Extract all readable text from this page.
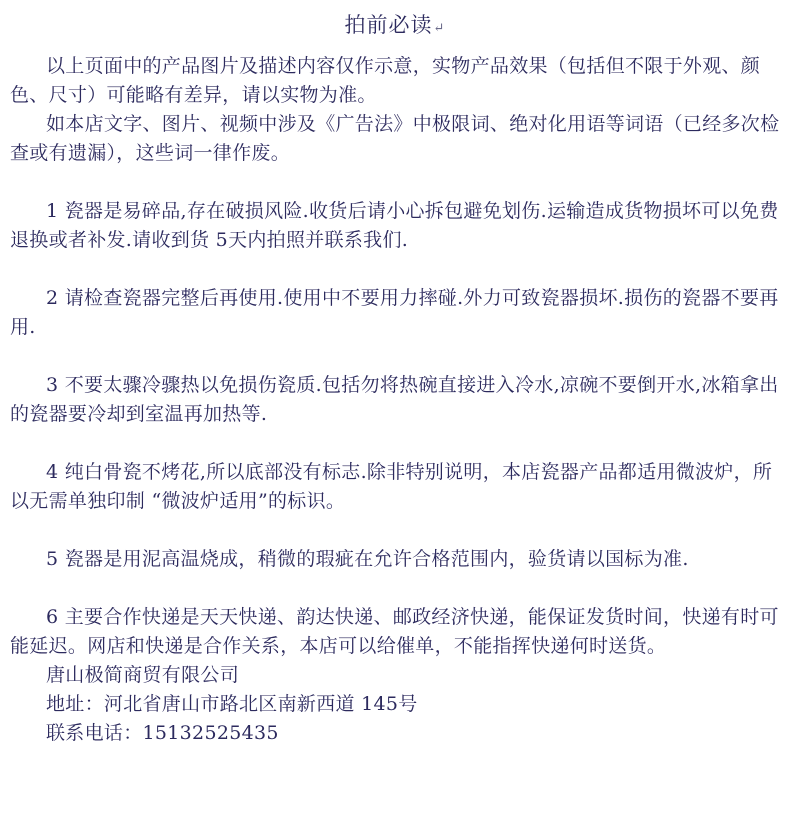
拍前必读↵

以上页面中的产品图片及描述内容仅作示意，实物产品效果（包括但不限于外观、颜色、尺寸）可能略有差异，请以实物为准。

如本店文字、图片、视频中涉及《广告法》中极限词、绝对化用语等词语（已经多次检查或有遗漏），这些词一律作废。

1 瓷器是易碎品,存在破损风险.收货后请小心拆包避免划伤.运输造成货物损坏可以免费退换或者补发.请收到货 5天内拍照并联系我们.

2 请检查瓷器完整后再使用.使用中不要用力摔碰.外力可致瓷器损坏.损伤的瓷器不要再用.

3 不要太骤冷骤热以免损伤瓷质.包括勿将热碗直接进入冷水,凉碗不要倒开水,冰箱拿出的瓷器要冷却到室温再加热等.

4 纯白骨瓷不烤花,所以底部没有标志.除非特别说明，本店瓷器产品都适用微波炉，所以无需单独印制 “微波炉适用”的标识。

5 瓷器是用泥高温烧成，稍微的瑕疵在允许合格范围内，验货请以国标为准.

6 主要合作快递是天天快递、韵达快递、邮政经济快递，能保证发货时间，快递有时可能延迟。网店和快递是合作关系，本店可以给催单，不能指挥快递何时送货。

唐山极简商贸有限公司

地址：河北省唐山市路北区南新西道 145号

联系电话：15132525435
